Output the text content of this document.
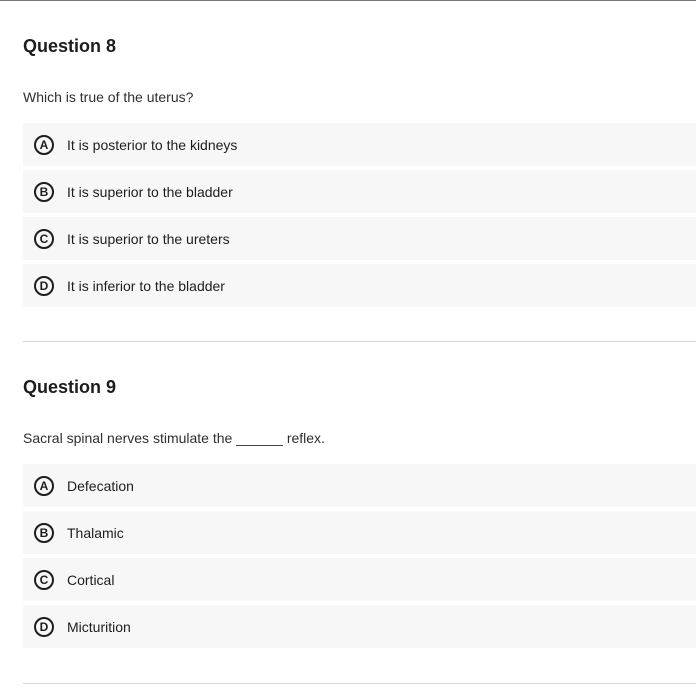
Question 8
Which is true of the uterus?
A	It is posterior to the kidneys
B	It is superior to the bladder
C	It is superior to the ureters
D	It is inferior to the bladder
Question 9
Sacral spinal nerves stimulate the ______ reflex.
A	Defecation
B	Thalamic
C	Cortical
D	Micturition
